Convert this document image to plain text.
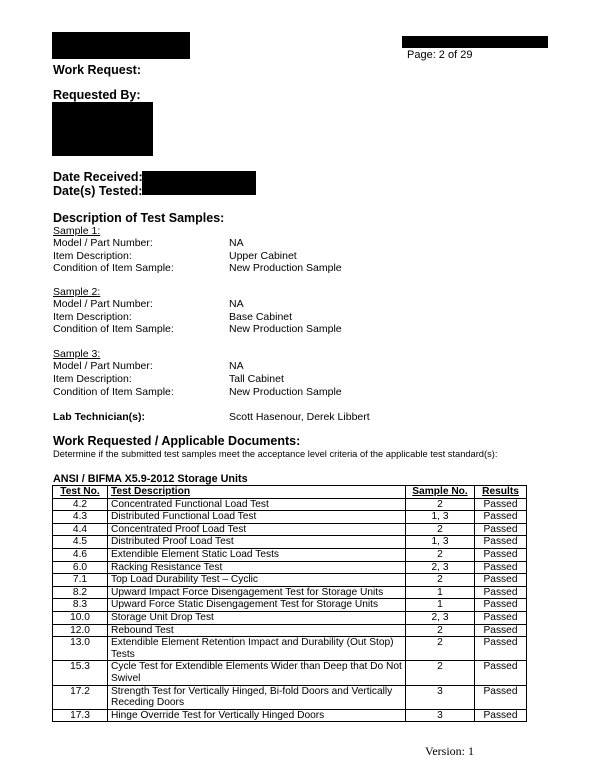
Page: 2 of 29
Work Request:
Requested By:
Date Received:
Date(s) Tested:
Description of Test Samples:
Sample 1:
Model / Part Number:	NA
Item Description:	Upper Cabinet
Condition of Item Sample:	New Production Sample
Sample 2:
Model / Part Number:	NA
Item Description:	Base Cabinet
Condition of Item Sample:	New Production Sample
Sample 3:
Model / Part Number:	NA
Item Description:	Tall Cabinet
Condition of Item Sample:	New Production Sample
Lab Technician(s):	Scott Hasenour, Derek Libbert
Work Requested / Applicable Documents:
Determine if the submitted test samples meet the acceptance level criteria of the applicable test standard(s):
ANSI / BIFMA X5.9-2012 Storage Units
Test No.	Test Description	Sample No.	Results
4.2	Concentrated Functional Load Test	2	Passed
4.3	Distributed Functional Load Test	1, 3	Passed
4.4	Concentrated Proof Load Test	2	Passed
4.5	Distributed Proof Load Test	1, 3	Passed
4.6	Extendible Element Static Load Tests	2	Passed
6.0	Racking Resistance Test	2, 3	Passed
7.1	Top Load Durability Test – Cyclic	2	Passed
8.2	Upward Impact Force Disengagement Test for Storage Units	1	Passed
8.3	Upward Force Static Disengagement Test for Storage Units	1	Passed
10.0	Storage Unit Drop Test	2, 3	Passed
12.0	Rebound Test	2	Passed
13.0	Extendible Element Retention Impact and Durability (Out Stop) Tests	2	Passed
15.3	Cycle Test for Extendible Elements Wider than Deep that Do Not Swivel	2	Passed
17.2	Strength Test for Vertically Hinged, Bi-fold Doors and Vertically Receding Doors	3	Passed
17.3	Hinge Override Test for Vertically Hinged Doors	3	Passed
Version: 1
